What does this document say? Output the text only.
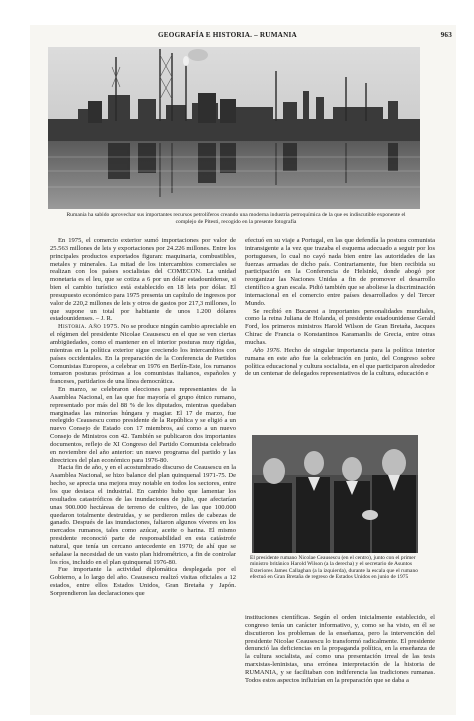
GEOGRAFÍA E HISTORIA. – RUMANIA	963
Rumania ha sabido aprovechar sus importantes recursos petrolíferos creando una moderna industria petroquímica de la que es indiscutible exponente el complejo de Pitesti, recogido en la presente fotografía

En 1975, el comercio exterior sumó importaciones por valor de 25.563 millones de leis y exportaciones por 24.226 millones. Entre los principales productos exportados figuran: maquinaria, combustibles, metales y minerales. La mitad de los intercambios comerciales se realizan con los países socialistas del COMECON. La unidad monetaria es el leu, que se cotiza a 6 por un dólar estadounidense, si bien el cambio turístico está establecido en 18 leis por dólar. El presupuesto económico para 1975 presenta un capítulo de ingresos por valor de 220,2 millones de leis y otros de gastos por 217,3 millones, lo que supone un total por habitante de unos 1.200 dólares estadounidenses. – J. R.

Historia. Año 1975. No se produce ningún cambio apreciable en el régimen del presidente Nicolae Ceausescu en el que se ven ciertas ambigüedades, como el mantener en el interior posturas muy rígidas, mientras en la política exterior sigue creciendo los intercambios con países occidentales. En la preparación de la Conferencia de Partidos Comunistas Europeos, a celebrar en 1976 en Berlín-Este, los rumanos tomaron posturas próximas a los comunistas italianos, españoles y franceses, partidarios de una línea democrática.

En marzo, se celebraron elecciones para representantes de la Asamblea Nacional, en las que fue mayoría el grupo étnico rumano, representado por más del 88 % de los diputados, mientras quedaban marginadas las minorías húngara y magiar. El 17 de marzo, fue reelegido Ceausescu como presidente de la República y se eligió a un nuevo Consejo de Estado con 17 miembros, así como a un nuevo Consejo de Ministros con 42. También se publicaron dos importantes documentos, reflejo de XI Congreso del Partido Comunista celebrado en noviembre del año anterior: un nuevo programa del partido y las directrices del plan económico para 1976-80.

Hacia fin de año, y en el acostumbrado discurso de Ceausescu en la Asamblea Nacional, se hizo balance del plan quinquenal 1971-75. De hecho, se aprecia una mejora muy notable en todos los sectores, entre los que destaca el industrial. En cambio hubo que lamentar los resultados catastróficos de las inundaciones de julio, que afectarían unas 900.000 hectáreas de terreno de cultivo, de las que 100.000 quedaron totalmente destruidas, y se perdieron miles de cabezas de ganado. Después de las inundaciones, faltaron algunos víveres en los mercados rumanos, tales como azúcar, aceite o harina. El mismo presidente reconoció parte de responsabilidad en esta catástrofe natural, que tenía un cercano antecedente en 1970; de ahí que se señalase la necesidad de un vasto plan hidrométrico, a fin de controlar los ríos, incluido en el plan quinquenal 1976-80.

Fue importante la actividad diplomática desplegada por el Gobierno, a lo largo del año. Ceausescu realizó visitas oficiales a 12 estados, entre ellos Estados Unidos, Gran Bretaña y Japón. Sorprendieron las declaraciones que

efectuó en su viaje a Portugal, en las que defendía la postura comunista intransigente a la vez que trazaba el esquema adecuado a seguir por los portugueses, lo cual no cayó nada bien entre las autoridades de las fuerzas armadas de dicho país. Contrariamente, fue bien recibida su participación en la Conferencia de Helsinki, donde abogó por reorganizar las Naciones Unidas a fin de promover el desarrollo científico a gran escala. Pidió también que se aboliese la discriminación internacional en el comercio entre países desarrollados y del Tercer Mundo.

Se recibió en Bucarest a importantes personalidades mundiales, como la reina Juliana de Holanda, el presidente estadounidense Gerald Ford, los primeros ministros Harold Wilson de Gran Bretaña, Jacques Chirac de Francia o Konstantinos Karamanlis de Grecia, entre otras muchas.

Año 1976. Hecho de singular importancia para la política interior rumana en este año fue la celebración en junio, del Congreso sobre política educacional y cultura socialista, en el que participaron alrededor de un centenar de delegados representativos de la cultura, educación e

El presidente rumano Nicolae Ceausescu (en el centro), junto con el primer ministro británico Harold Wilson (a la derecha) y el secretario de Asuntos Exteriores James Callaghan (a la izquierda), durante la escala que el rumano efectuó en Gran Bretaña de regreso de Estados Unidos en junio de 1975

instituciones científicas. Según el orden inicialmente establecido, el congreso tenía un carácter informativo, y, como se ha visto, en él se discutieron los problemas de la enseñanza, pero la intervención del presidente Nicolae Ceausescu lo transformó radicalmente. El presidente denunció las deficiencias en la propaganda política, en la enseñanza de la cultura socialista, así como una presentación irreal de las tesis marxistas-leninistas, una errónea interpretación de la historia de RUMANIA, y se facilitaban con indiferencia las tradiciones rumanas. Todos estos aspectos influirían en la preparación que se daba a
